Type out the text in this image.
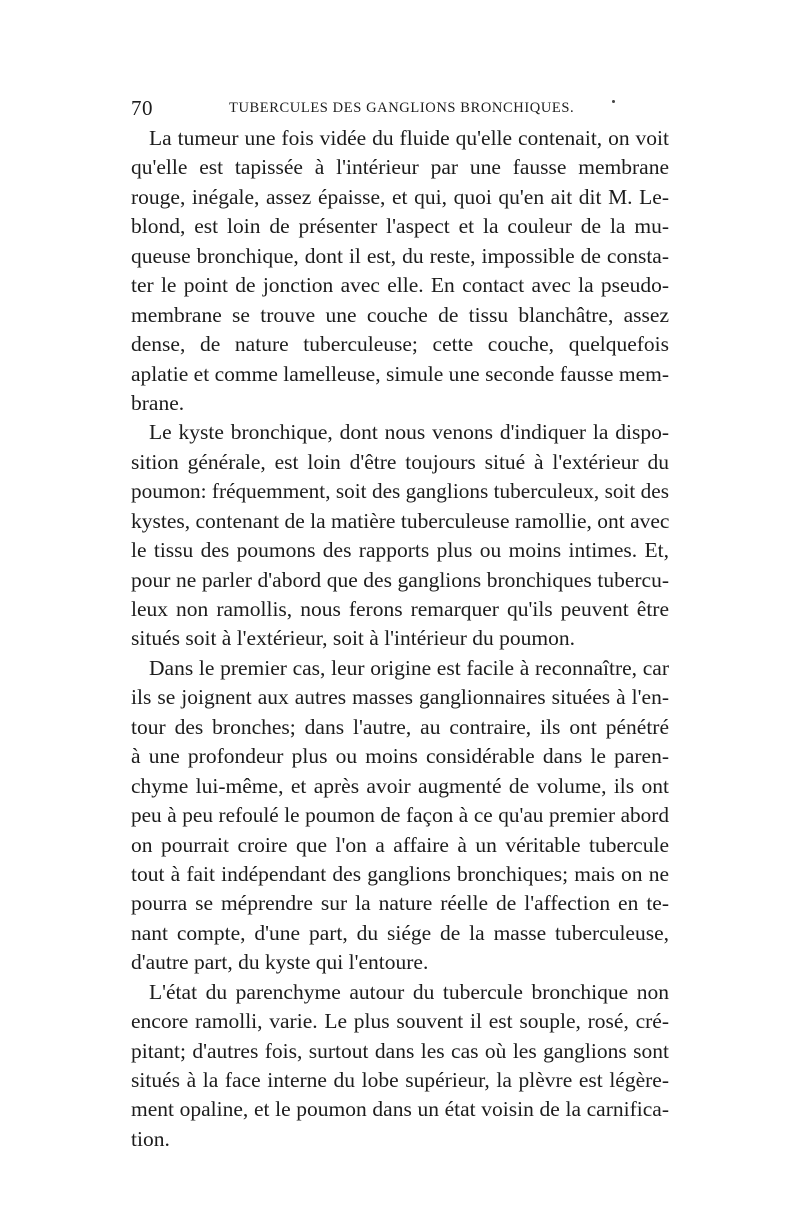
70	TUBERCULES DES GANGLIONS BRONCHIQUES.
La tumeur une fois vidée du fluide qu'elle contenait, on voit
qu'elle est tapissée à l'intérieur par une fausse membrane
rouge, inégale, assez épaisse, et qui, quoi qu'en ait dit M. Le-
blond, est loin de présenter l'aspect et la couleur de la mu-
queuse bronchique, dont il est, du reste, impossible de consta-
ter le point de jonction avec elle. En contact avec la pseudo-
membrane se trouve une couche de tissu blanchâtre, assez
dense, de nature tuberculeuse; cette couche, quelquefois
aplatie et comme lamelleuse, simule une seconde fausse mem-
brane.
Le kyste bronchique, dont nous venons d'indiquer la dispo-
sition générale, est loin d'être toujours situé à l'extérieur du
poumon: fréquemment, soit des ganglions tuberculeux, soit des
kystes, contenant de la matière tuberculeuse ramollie, ont avec
le tissu des poumons des rapports plus ou moins intimes. Et,
pour ne parler d'abord que des ganglions bronchiques tubercu-
leux non ramollis, nous ferons remarquer qu'ils peuvent être
situés soit à l'extérieur, soit à l'intérieur du poumon.
Dans le premier cas, leur origine est facile à reconnaître, car
ils se joignent aux autres masses ganglionnaires situées à l'en-
tour des bronches; dans l'autre, au contraire, ils ont pénétré
à une profondeur plus ou moins considérable dans le paren-
chyme lui-même, et après avoir augmenté de volume, ils ont
peu à peu refoulé le poumon de façon à ce qu'au premier abord
on pourrait croire que l'on a affaire à un véritable tubercule
tout à fait indépendant des ganglions bronchiques; mais on ne
pourra se méprendre sur la nature réelle de l'affection en te-
nant compte, d'une part, du siége de la masse tuberculeuse,
d'autre part, du kyste qui l'entoure.
L'état du parenchyme autour du tubercule bronchique non
encore ramolli, varie. Le plus souvent il est souple, rosé, cré-
pitant; d'autres fois, surtout dans les cas où les ganglions sont
situés à la face interne du lobe supérieur, la plèvre est légère-
ment opaline, et le poumon dans un état voisin de la carnifica-
tion.
